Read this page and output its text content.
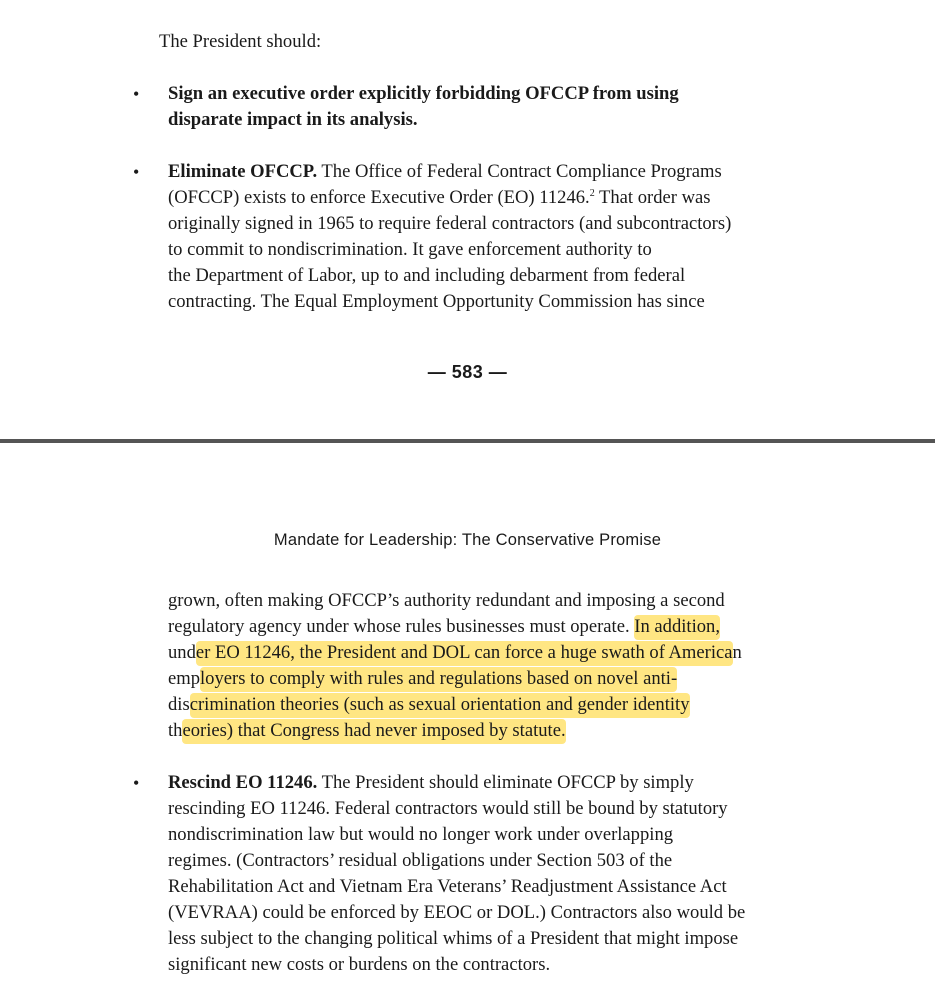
The President should:
• Sign an executive order explicitly forbidding OFCCP from using
disparate impact in its analysis.
• Eliminate OFCCP. The Office of Federal Contract Compliance Programs
(OFCCP) exists to enforce Executive Order (EO) 11246.$^2$ That order was
originally signed in 1965 to require federal contractors (and subcontractors)
to commit to nondiscrimination. It gave enforcement authority to
the Department of Labor, up to and including debarment from federal
contracting. The Equal Employment Opportunity Commission has since
— 583 —
Mandate for Leadership: The Conservative Promise
grown, often making OFCCP’s authority redundant and imposing a second
regulatory agency under whose rules businesses must operate. In addition,
under EO 11246, the President and DOL can force a huge swath of American
employers to comply with rules and regulations based on novel anti-
discrimination theories (such as sexual orientation and gender identity
theories) that Congress had never imposed by statute.
• Rescind EO 11246. The President should eliminate OFCCP by simply
rescinding EO 11246. Federal contractors would still be bound by statutory
nondiscrimination law but would no longer work under overlapping
regimes. (Contractors’ residual obligations under Section 503 of the
Rehabilitation Act and Vietnam Era Veterans’ Readjustment Assistance Act
(VEVRAA) could be enforced by EEOC or DOL.) Contractors also would be
less subject to the changing political whims of a President that might impose
significant new costs or burdens on the contractors.
